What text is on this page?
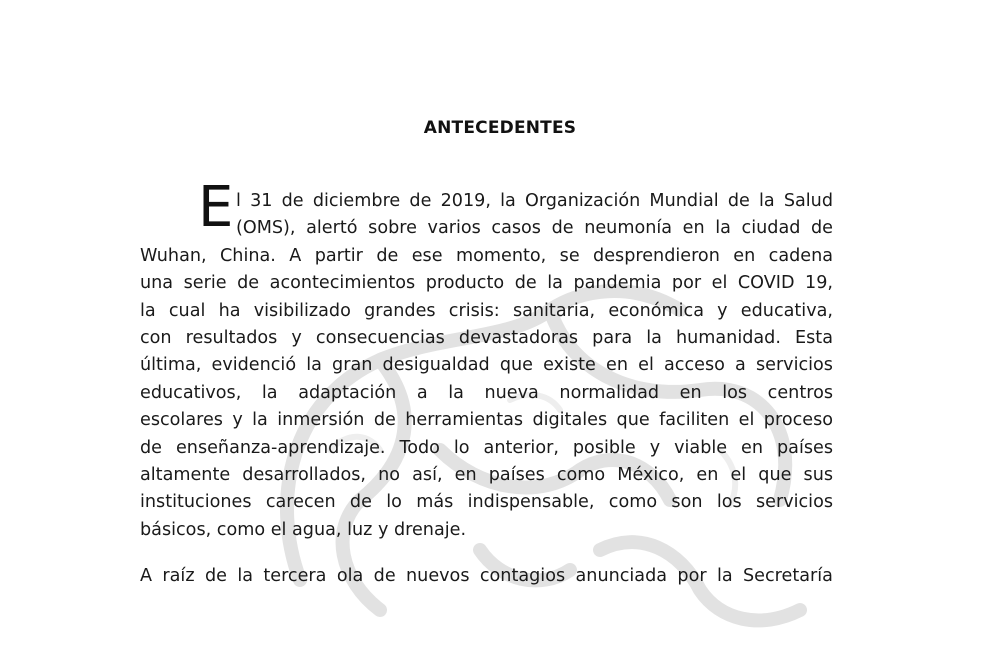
ANTECEDENTES
E l 31 de diciembre de 2019, la Organización Mundial de la Salud
(OMS), alertó sobre varios casos de neumonía en la ciudad de
Wuhan, China. A partir de ese momento, se desprendieron en cadena
una serie de acontecimientos producto de la pandemia por el COVID 19,
la cual ha visibilizado grandes crisis: sanitaria, económica y educativa,
con resultados y consecuencias devastadoras para la humanidad. Esta
última, evidenció la gran desigualdad que existe en el acceso a servicios
educativos, la adaptación a la nueva normalidad en los centros
escolares y la inmersión de herramientas digitales que faciliten el proceso
de enseñanza-aprendizaje. Todo lo anterior, posible y viable en países
altamente desarrollados, no así, en países como México, en el que sus
instituciones carecen de lo más indispensable, como son los servicios
básicos, como el agua, luz y drenaje.
A raíz de la tercera ola de nuevos contagios anunciada por la Secretaría
